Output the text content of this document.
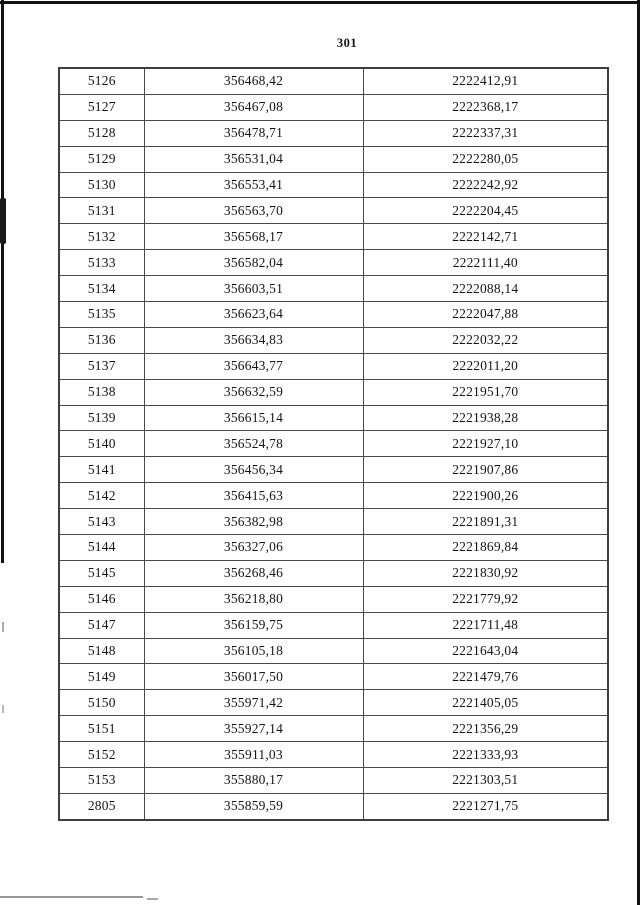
301
5126	356468,42	2222412,91
5127	356467,08	2222368,17
5128	356478,71	2222337,31
5129	356531,04	2222280,05
5130	356553,41	2222242,92
5131	356563,70	2222204,45
5132	356568,17	2222142,71
5133	356582,04	2222111,40
5134	356603,51	2222088,14
5135	356623,64	2222047,88
5136	356634,83	2222032,22
5137	356643,77	2222011,20
5138	356632,59	2221951,70
5139	356615,14	2221938,28
5140	356524,78	2221927,10
5141	356456,34	2221907,86
5142	356415,63	2221900,26
5143	356382,98	2221891,31
5144	356327,06	2221869,84
5145	356268,46	2221830,92
5146	356218,80	2221779,92
5147	356159,75	2221711,48
5148	356105,18	2221643,04
5149	356017,50	2221479,76
5150	355971,42	2221405,05
5151	355927,14	2221356,29
5152	355911,03	2221333,93
5153	355880,17	2221303,51
2805	355859,59	2221271,75
